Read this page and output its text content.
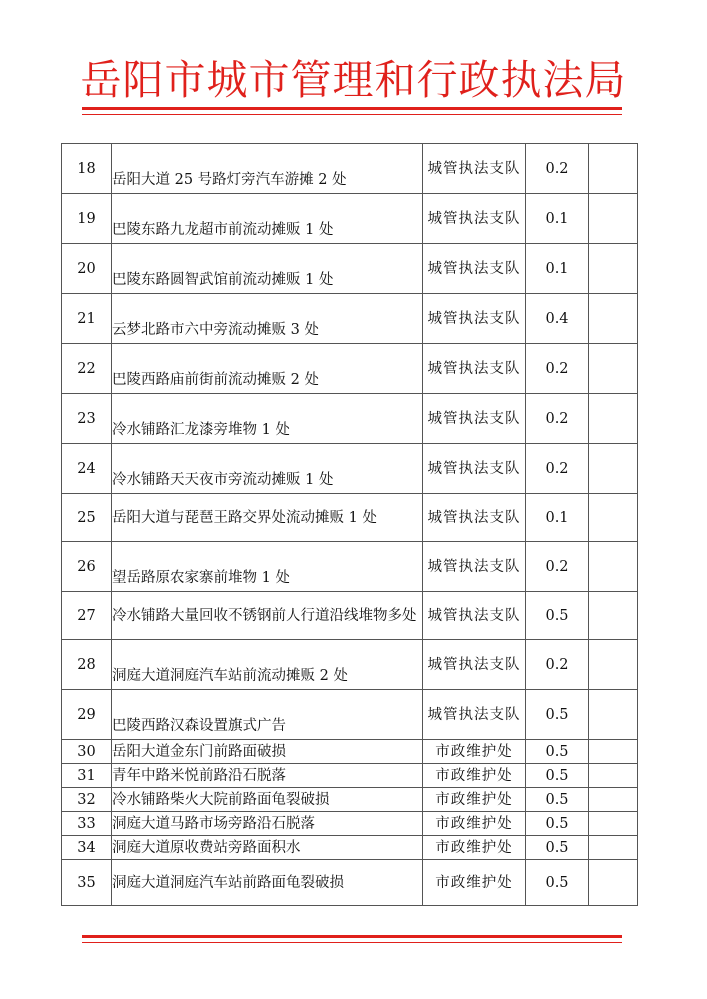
岳阳市城市管理和行政执法局
18	岳阳大道 25 号路灯旁汽车游摊 2 处	城管执法支队	0.2	
19	巴陵东路九龙超市前流动摊贩 1 处	城管执法支队	0.1	
20	巴陵东路圆智武馆前流动摊贩 1 处	城管执法支队	0.1	
21	云梦北路市六中旁流动摊贩 3 处	城管执法支队	0.4	
22	巴陵西路庙前街前流动摊贩 2 处	城管执法支队	0.2	
23	冷水铺路汇龙漆旁堆物 1 处	城管执法支队	0.2	
24	冷水铺路天天夜市旁流动摊贩 1 处	城管执法支队	0.2	
25	岳阳大道与琵琶王路交界处流动摊贩 1 处	城管执法支队	0.1	
26	望岳路原农家寨前堆物 1 处	城管执法支队	0.2	
27	冷水铺路大量回收不锈钢前人行道沿线堆物多处	城管执法支队	0.5	
28	洞庭大道洞庭汽车站前流动摊贩 2 处	城管执法支队	0.2	
29	巴陵西路汉森设置旗式广告	城管执法支队	0.5	
30	岳阳大道金东门前路面破损	市政维护处	0.5	
31	青年中路米悦前路沿石脱落	市政维护处	0.5	
32	冷水铺路柴火大院前路面龟裂破损	市政维护处	0.5	
33	洞庭大道马路市场旁路沿石脱落	市政维护处	0.5	
34	洞庭大道原收费站旁路面积水	市政维护处	0.5	
35	洞庭大道洞庭汽车站前路面龟裂破损	市政维护处	0.5	
